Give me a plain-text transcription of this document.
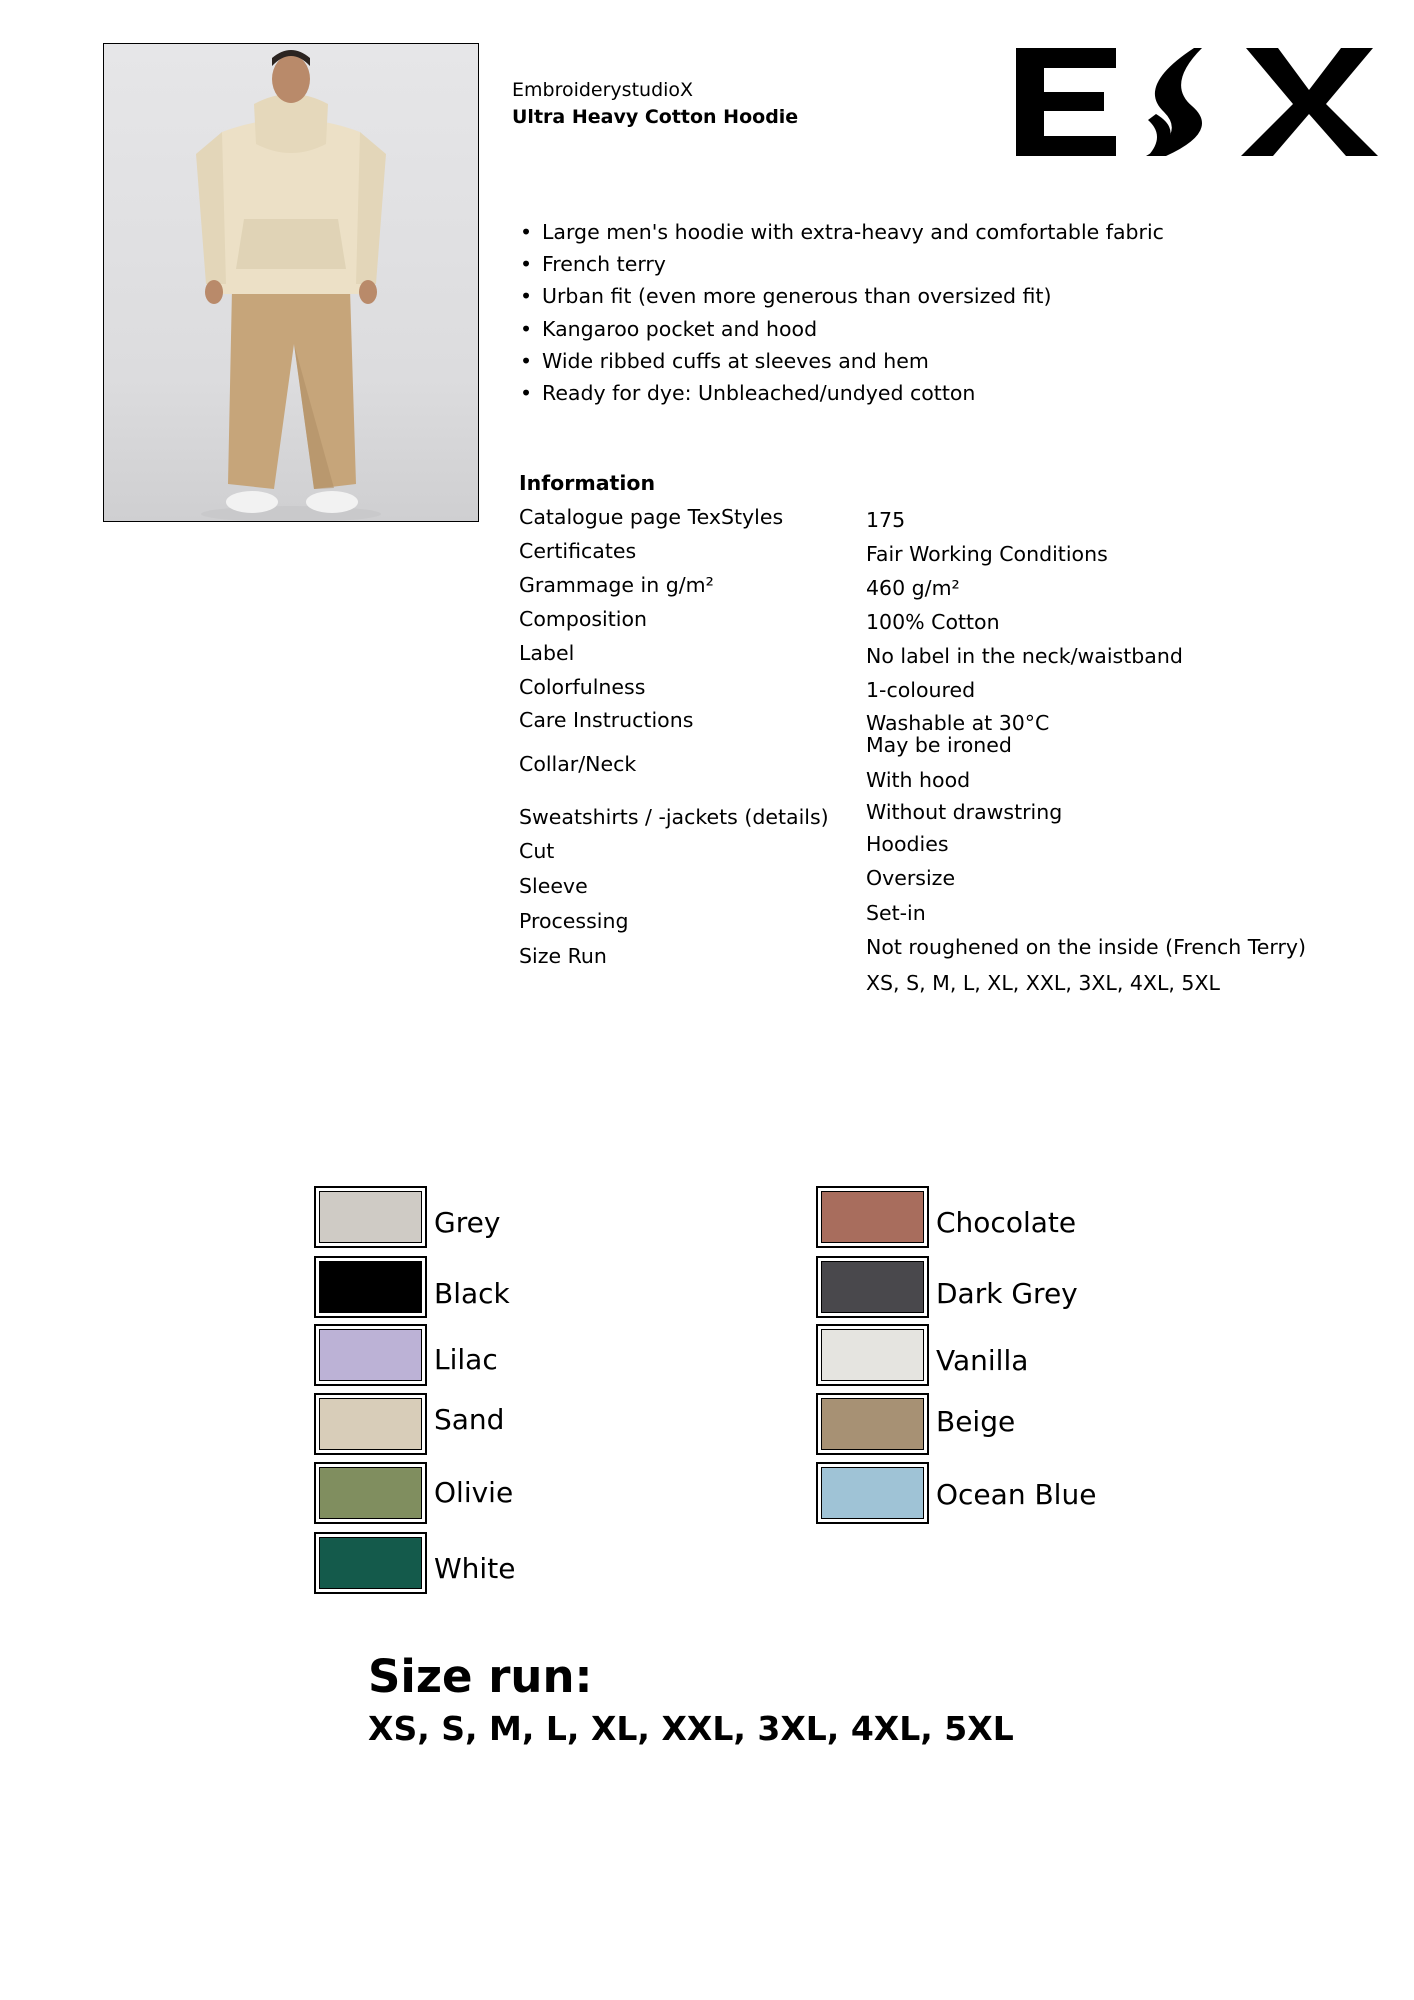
EmbroiderystudioX
Ultra Heavy Cotton Hoodie
• Large men's hoodie with extra-heavy and comfortable fabric
• French terry
• Urban fit (even more generous than oversized fit)
• Kangaroo pocket and hood
• Wide ribbed cuffs at sleeves and hem
• Ready for dye: Unbleached/undyed cotton
Information
Catalogue page TexStyles
Certificates
Grammage in g/m²
Composition
Label
Colorfulness
Care Instructions
Collar/Neck
Sweatshirts / -jackets (details)
Cut
Sleeve
Processing
Size Run
175
Fair Working Conditions
460 g/m²
100% Cotton
No label in the neck/waistband
1-coloured
Washable at 30°C
May be ironed
With hood
Without drawstring
Hoodies
Oversize
Set-in
Not roughened on the inside (French Terry)
XS, S, M, L, XL, XXL, 3XL, 4XL, 5XL
Grey
Black
Lilac
Sand
Olivie
White
Chocolate
Dark Grey
Vanilla
Beige
Ocean Blue
Size run:
XS, S, M, L, XL, XXL, 3XL, 4XL, 5XL
